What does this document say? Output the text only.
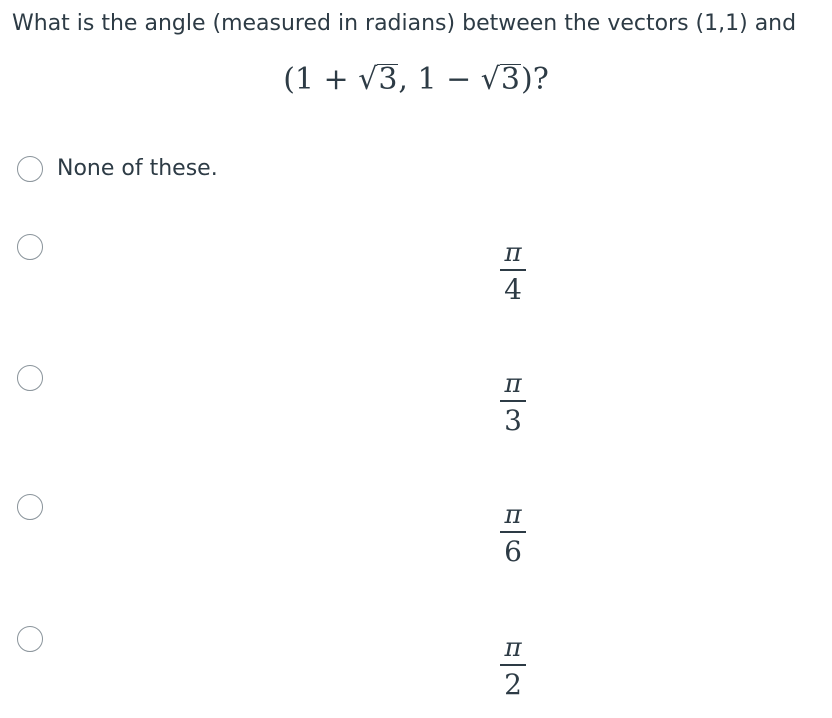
What is the angle (measured in radians) between the vectors (1,1) and
(1 + √3, 1 − √3)?
None of these.
π
4
π
3
π
6
π
2
